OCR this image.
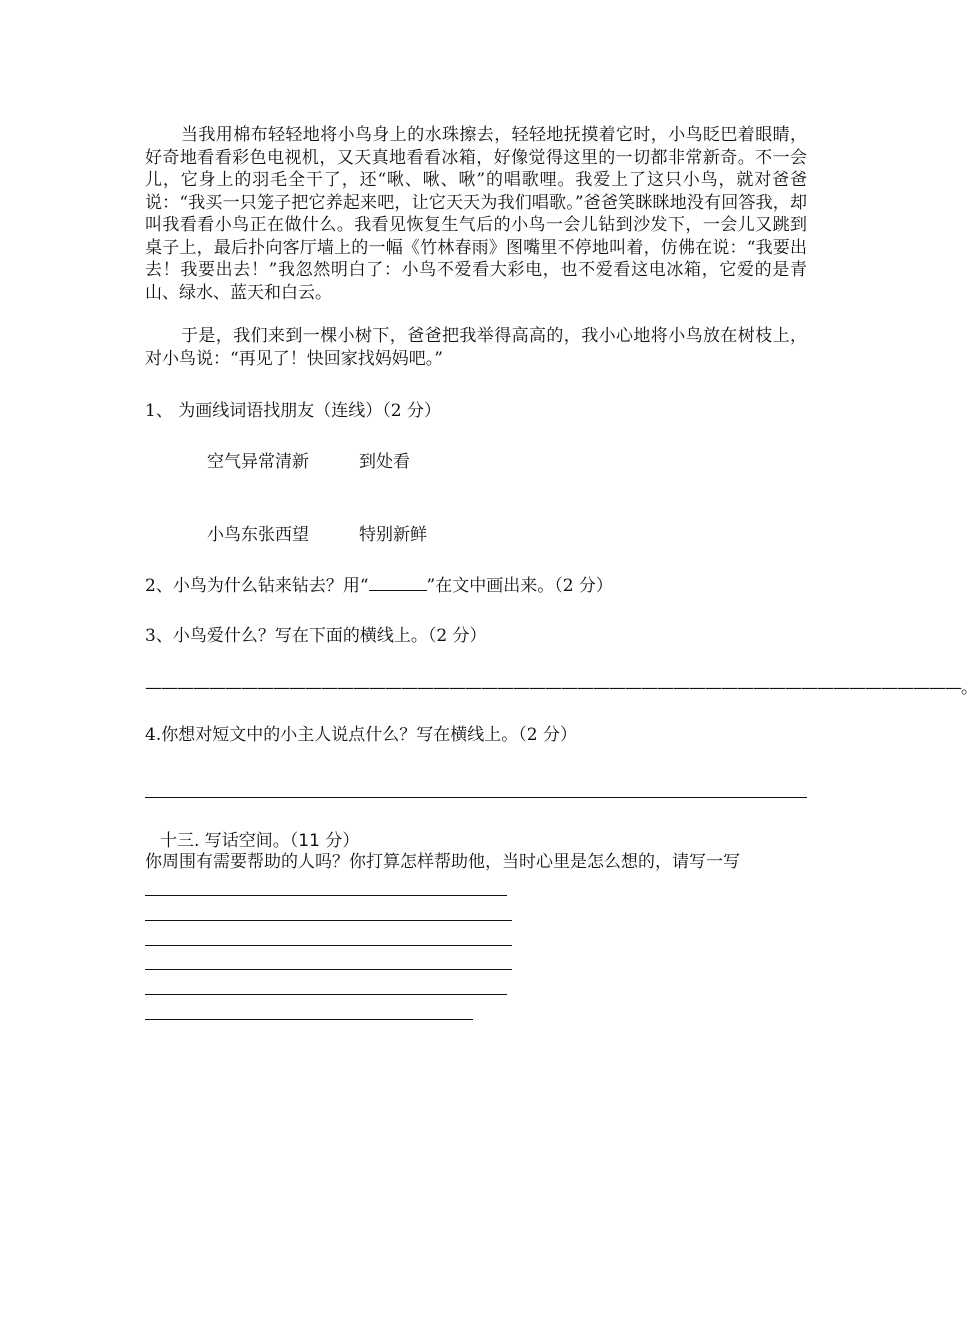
当我用棉布轻轻地将小鸟身上的水珠擦去，轻轻地抚摸着它时，小鸟眨巴着眼睛，好奇地看看彩色电视机，又天真地看看冰箱，好像觉得这里的一切都非常新奇。不一会儿，它身上的羽毛全干了，还“啾、啾、啾”的唱歌哩。我爱上了这只小鸟，就对爸爸说：“我买一只笼子把它养起来吧，让它天天为我们唱歌。”爸爸笑眯眯地没有回答我，却叫我看看小鸟正在做什么。我看见恢复生气后的小鸟一会儿钻到沙发下，一会儿又跳到桌子上，最后扑向客厅墙上的一幅《竹林春雨》图嘴里不停地叫着，仿佛在说：“我要出去！我要出去！”我忽然明白了：小鸟不爱看大彩电，也不爱看这电冰箱，它爱的是青山、绿水、蓝天和白云。

于是，我们来到一棵小树下，爸爸把我举得高高的，我小心地将小鸟放在树枝上，对小鸟说：“再见了！快回家找妈妈吧。”

1、 为画线词语找朋友（连线）（2 分）

空气异常清新	到处看
小鸟东张西望	特别新鲜

2、小鸟为什么钻来钻去？用“	”在文中画出来。（2 分）

3、小鸟爱什么？写在下面的横线上。（2 分）

———————————————————————————————————————————————————。

4.你想对短文中的小主人说点什么？写在横线上。（2 分）

十三. 写话空间。（11 分）

你周围有需要帮助的人吗？你打算怎样帮助他，当时心里是怎么想的，请写一写
